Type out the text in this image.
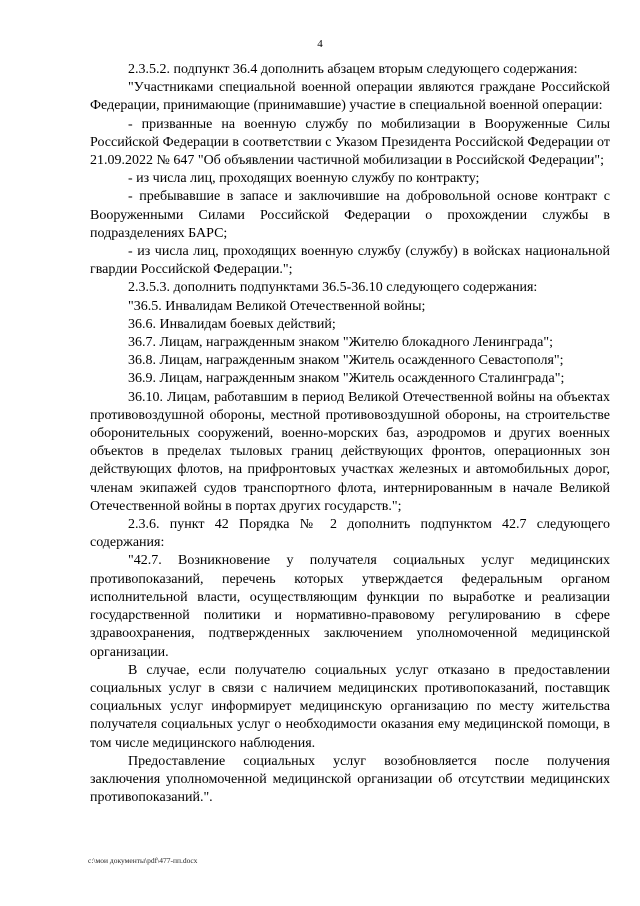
4

2.3.5.2. подпункт 36.4 дополнить абзацем вторым следующего содержания:

"Участниками специальной военной операции являются граждане Российской Федерации, принимающие (принимавшие) участие в специальной военной операции:

- призванные на военную службу по мобилизации в Вооруженные Силы Российской Федерации в соответствии с Указом Президента Российской Федерации от 21.09.2022 № 647 "Об объявлении частичной мобилизации в Российской Федерации";

- из числа лиц, проходящих военную службу по контракту;

- пребывавшие в запасе и заключившие на добровольной основе контракт с Вооруженными Силами Российской Федерации о прохождении службы в подразделениях БАРС;

- из числа лиц, проходящих военную службу (службу) в войсках национальной гвардии Российской Федерации.";

2.3.5.3. дополнить подпунктами 36.5-36.10 следующего содержания:

"36.5. Инвалидам Великой Отечественной войны;

36.6. Инвалидам боевых действий;

36.7. Лицам, награжденным знаком "Жителю блокадного Ленинграда";

36.8. Лицам, награжденным знаком "Житель осажденного Севастополя";

36.9. Лицам, награжденным знаком "Житель осажденного Сталинграда";

36.10. Лицам, работавшим в период Великой Отечественной войны на объектах противовоздушной обороны, местной противовоздушной обороны, на строительстве оборонительных сооружений, военно-морских баз, аэродромов и других военных объектов в пределах тыловых границ действующих фронтов, операционных зон действующих флотов, на прифронтовых участках железных и автомобильных дорог, членам экипажей судов транспортного флота, интернированным в начале Великой Отечественной войны в портах других государств.";

2.3.6. пункт 42 Порядка № 2 дополнить подпунктом 42.7 следующего содержания:

"42.7. Возникновение у получателя социальных услуг медицинских противопоказаний, перечень которых утверждается федеральным органом исполнительной власти, осуществляющим функции по выработке и реализации государственной политики и нормативно-правовому регулированию в сфере здравоохранения, подтвержденных заключением уполномоченной медицинской организации.

В случае, если получателю социальных услуг отказано в предоставлении социальных услуг в связи с наличием медицинских противопоказаний, поставщик социальных услуг информирует медицинскую организацию по месту жительства получателя социальных услуг о необходимости оказания ему медицинской помощи, в том числе медицинского наблюдения.

Предоставление социальных услуг возобновляется после получения заключения уполномоченной медицинской организации об отсутствии медицинских противопоказаний.".

c:\мои документы\pdf\477-пп.docx
